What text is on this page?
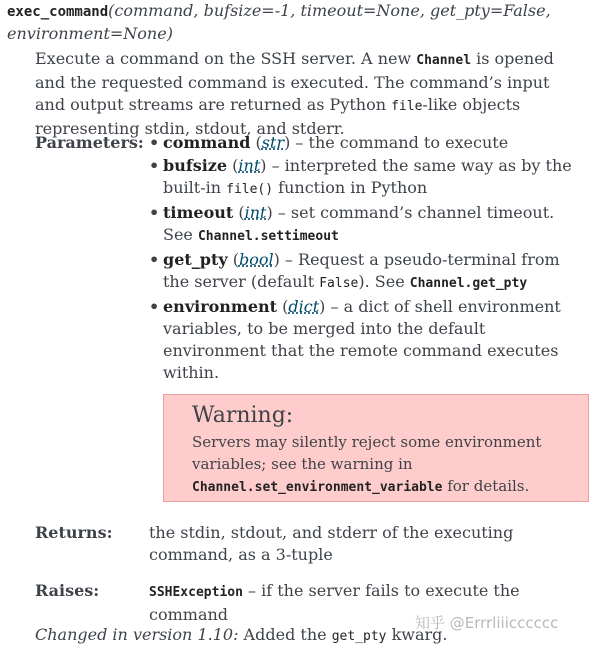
exec_command(command, bufsize=-1, timeout=None, get_pty=False, environment=None)

Execute a command on the SSH server. A new Channel is opened and the requested command is executed. The command’s input and output streams are returned as Python file-like objects representing stdin, stdout, and stderr.

Parameters:
•	command (str) – the command to execute
• bufsize (int) – interpreted the same way as by the built-in file() function in Python
• timeout (int) – set command’s channel timeout. See Channel.settimeout
• get_pty (bool) – Request a pseudo-terminal from the server (default False). See Channel.get_pty
• environment (dict) – a dict of shell environment variables, to be merged into the default environment that the remote command executes within.
Warning:
Servers may silently reject some environment variables; see the warning in Channel.set_environment_variable for details.
Returns: the stdin, stdout, and stderr of the executing command, as a 3-tuple
Raises:	SSHException – if the server fails to execute the command
Changed in version 1.10: Added the get_pty kwarg.
知乎 @Errrliiicccccc
